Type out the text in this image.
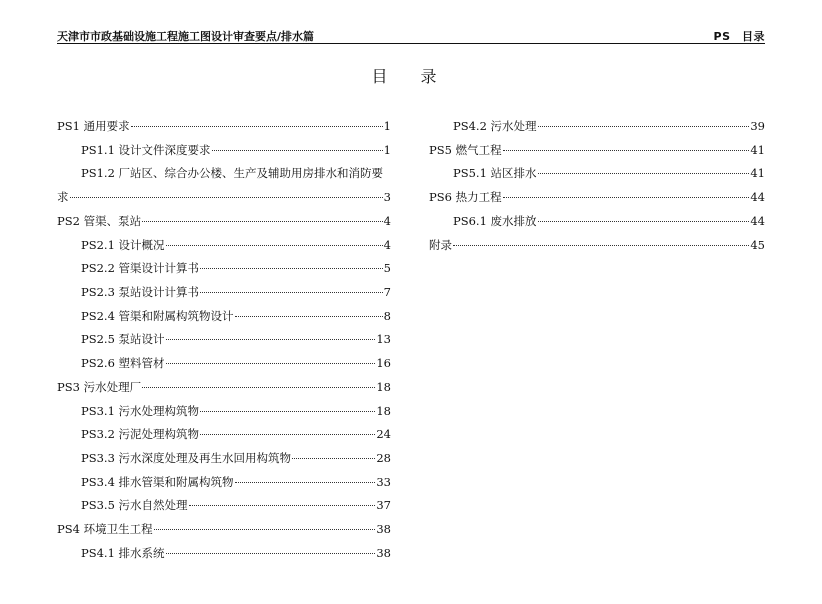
天津市市政基础设施工程施工图设计审查要点/排水篇	PS　目录
目 录
PS1 通用要求	1
PS1.1 设计文件深度要求	1
PS1.2 厂站区、综合办公楼、生产及辅助用房排水和消防要
求	3
PS2 管渠、泵站	4
PS2.1 设计概况	4
PS2.2 管渠设计计算书	5
PS2.3 泵站设计计算书	7
PS2.4 管渠和附属构筑物设计	8
PS2.5 泵站设计	13
PS2.6 塑料管材	16
PS3 污水处理厂	18
PS3.1 污水处理构筑物	18
PS3.2 污泥处理构筑物	24
PS3.3 污水深度处理及再生水回用构筑物	28
PS3.4 排水管渠和附属构筑物	33
PS3.5 污水自然处理	37
PS4 环境卫生工程	38
PS4.1 排水系统	38
PS4.2 污水处理	39
PS5 燃气工程	41
PS5.1 站区排水	41
PS6 热力工程	44
PS6.1 废水排放	44
附录	45
